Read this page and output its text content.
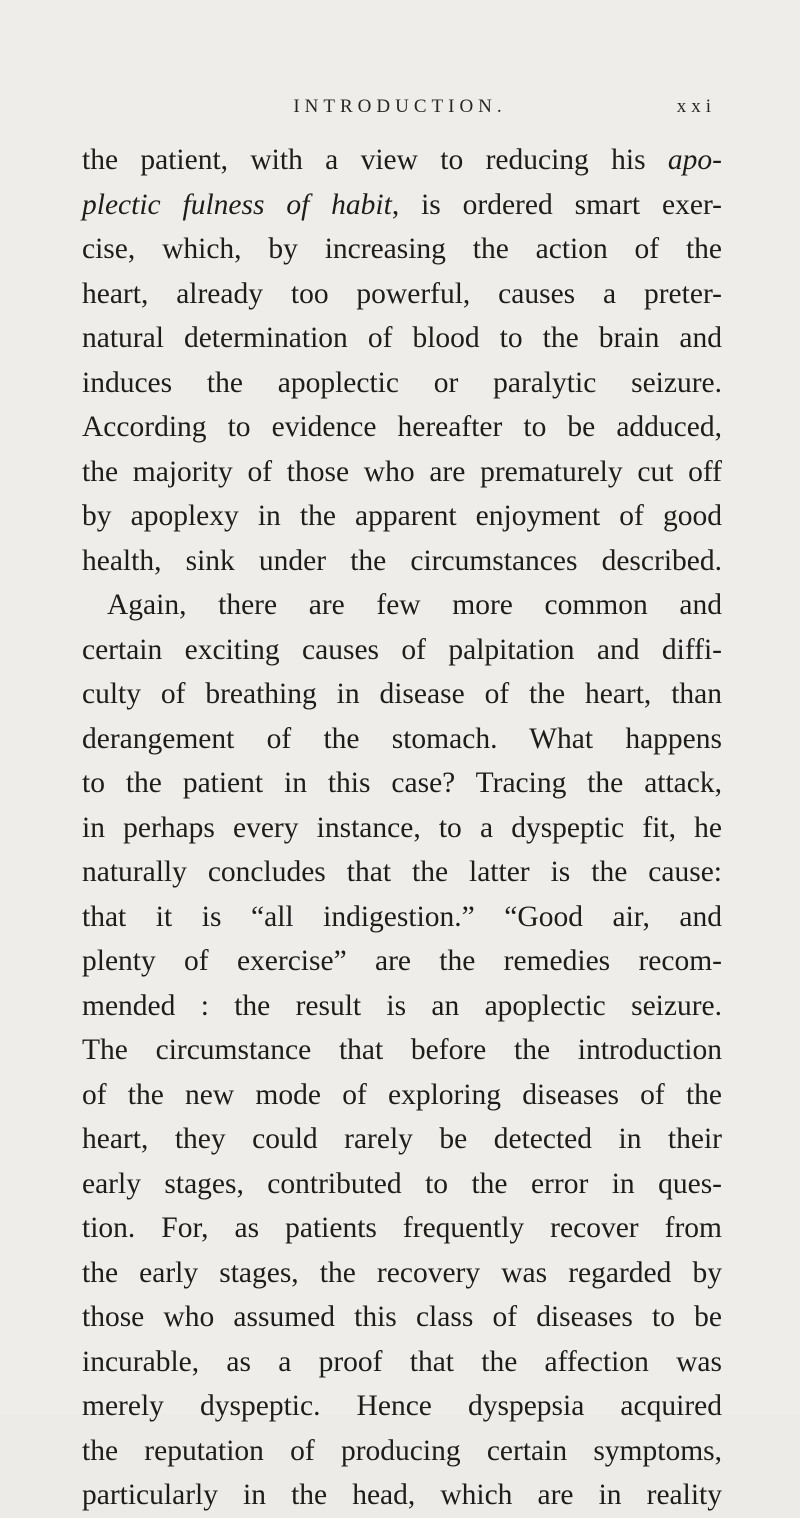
INTRODUCTION.	xxi
the patient, with a view to reducing his apo-
plectic fulness of habit, is ordered smart exer-
cise, which, by increasing the action of the
heart, already too powerful, causes a preter-
natural determination of blood to the brain and
induces the apoplectic or paralytic seizure.
According to evidence hereafter to be adduced,
the majority of those who are prematurely cut off
by apoplexy in the apparent enjoyment of good
health, sink under the circumstances described.
Again, there are few more common and
certain exciting causes of palpitation and diffi-
culty of breathing in disease of the heart, than
derangement of the stomach. What happens
to the patient in this case? Tracing the attack,
in perhaps every instance, to a dyspeptic fit, he
naturally concludes that the latter is the cause:
that it is “all indigestion.” “Good air, and
plenty of exercise” are the remedies recom-
mended : the result is an apoplectic seizure.
The circumstance that before the introduction
of the new mode of exploring diseases of the
heart, they could rarely be detected in their
early stages, contributed to the error in ques-
tion. For, as patients frequently recover from
the early stages, the recovery was regarded by
those who assumed this class of diseases to be
incurable, as a proof that the affection was
merely dyspeptic. Hence dyspepsia acquired
the reputation of producing certain symptoms,
particularly in the head, which are in reality
